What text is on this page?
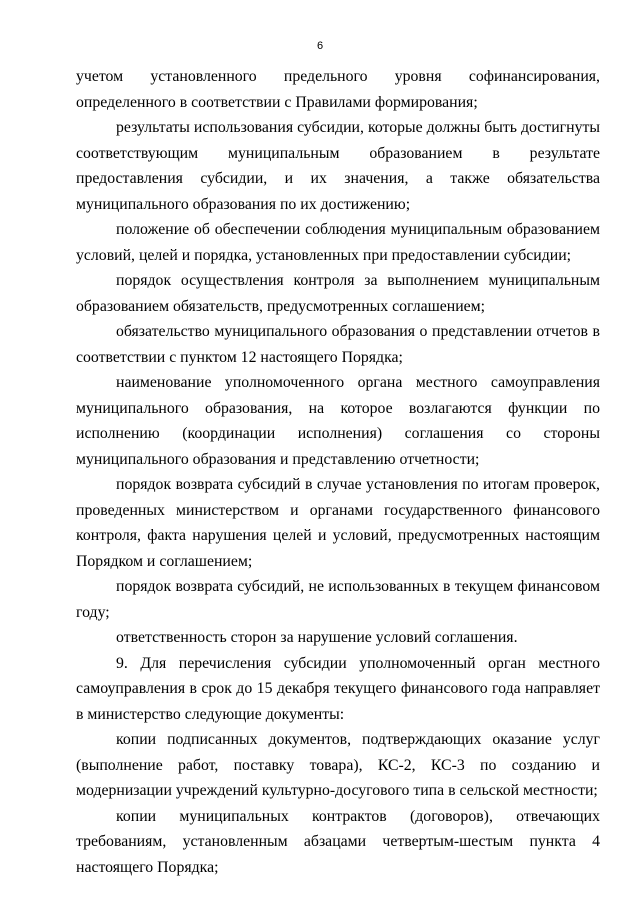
6

учетом установленного предельного уровня софинансирования, определенного в соответствии с Правилами формирования;

результаты использования субсидии, которые должны быть достигнуты соответствующим муниципальным образованием в результате предоставления субсидии, и их значения, а также обязательства муниципального образования по их достижению;

положение об обеспечении соблюдения муниципальным образованием условий, целей и порядка, установленных при предоставлении субсидии;

порядок осуществления контроля за выполнением муниципальным образованием обязательств, предусмотренных соглашением;

обязательство муниципального образования о представлении отчетов в соответствии с пунктом 12 настоящего Порядка;

наименование уполномоченного органа местного самоуправления муниципального образования, на которое возлагаются функции по исполнению (координации исполнения) соглашения со стороны муниципального образования и представлению отчетности;

порядок возврата субсидий в случае установления по итогам проверок, проведенных министерством и органами государственного финансового контроля, факта нарушения целей и условий, предусмотренных настоящим Порядком и соглашением;

порядок возврата субсидий, не использованных в текущем финансовом году;

ответственность сторон за нарушение условий соглашения.

9. Для перечисления субсидии уполномоченный орган местного самоуправления в срок до 15 декабря текущего финансового года направляет в министерство следующие документы:

копии подписанных документов, подтверждающих оказание услуг (выполнение работ, поставку товара), КС-2, КС-3 по созданию и модернизации учреждений культурно-досугового типа в сельской местности;

копии муниципальных контрактов (договоров), отвечающих требованиям, установленным абзацами четвертым-шестым пункта 4 настоящего Порядка;
